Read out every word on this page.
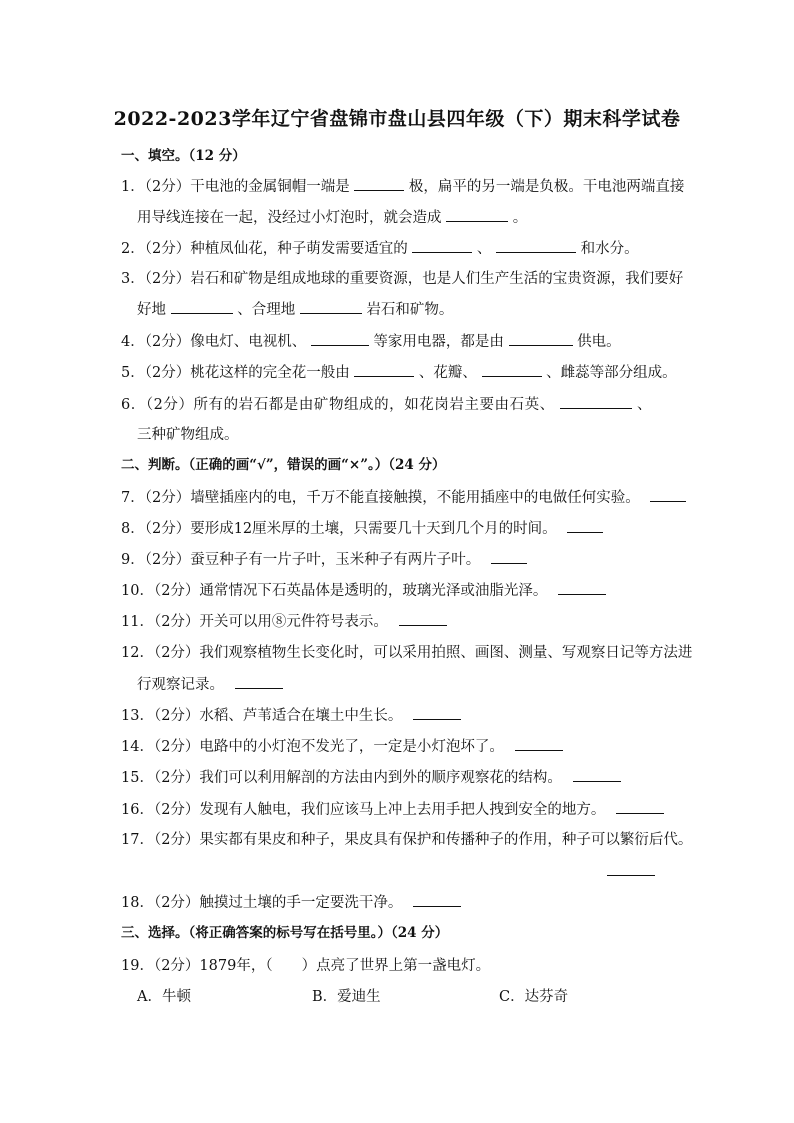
2022-2023学年辽宁省盘锦市盘山县四年级（下）期末科学试卷
一、填空。（12 分）
1．（2分）干电池的金属铜帽一端是	极，扁平的另一端是负极。干电池两端直接
用导线连接在一起，没经过小灯泡时，就会造成	。
2．（2分）种植凤仙花，种子萌发需要适宜的	、	和水分。
3．（2分）岩石和矿物是组成地球的重要资源，也是人们生产生活的宝贵资源，我们要好
好地	、合理地	岩石和矿物。
4．（2分）像电灯、电视机、	等家用电器，都是由	供电。
5．（2分）桃花这样的完全花一般由	、花瓣、	、雌蕊等部分组成。
6．（2分）所有的岩石都是由矿物组成的，如花岗岩主要由石英、	、
三种矿物组成。
二、判断。（正确的画“√”，错误的画“×”。）（24 分）
7．（2分）墙壁插座内的电，千万不能直接触摸，不能用插座中的电做任何实验。
8．（2分）要形成12厘米厚的土壤，只需要几十天到几个月的时间。
9．（2分）蚕豆种子有一片子叶，玉米种子有两片子叶。
10．（2分）通常情况下石英晶体是透明的，玻璃光泽或油脂光泽。
11．（2分）开关可以用⑧元件符号表示。
12．（2分）我们观察植物生长变化时，可以采用拍照、画图、测量、写观察日记等方法进
行观察记录。
13．（2分）水稻、芦苇适合在壤土中生长。
14．（2分）电路中的小灯泡不发光了，一定是小灯泡坏了。
15．（2分）我们可以利用解剖的方法由内到外的顺序观察花的结构。
16．（2分）发现有人触电，我们应该马上冲上去用手把人拽到安全的地方。
17．（2分）果实都有果皮和种子，果皮具有保护和传播种子的作用，种子可以繁衍后代。
18．（2分）触摸过土壤的手一定要洗干净。
三、选择。（将正确答案的标号写在括号里。）（24 分）
19．（2分）1879年，（　　）点亮了世界上第一盏电灯。
A．牛顿	B．爱迪生	C．达芬奇
